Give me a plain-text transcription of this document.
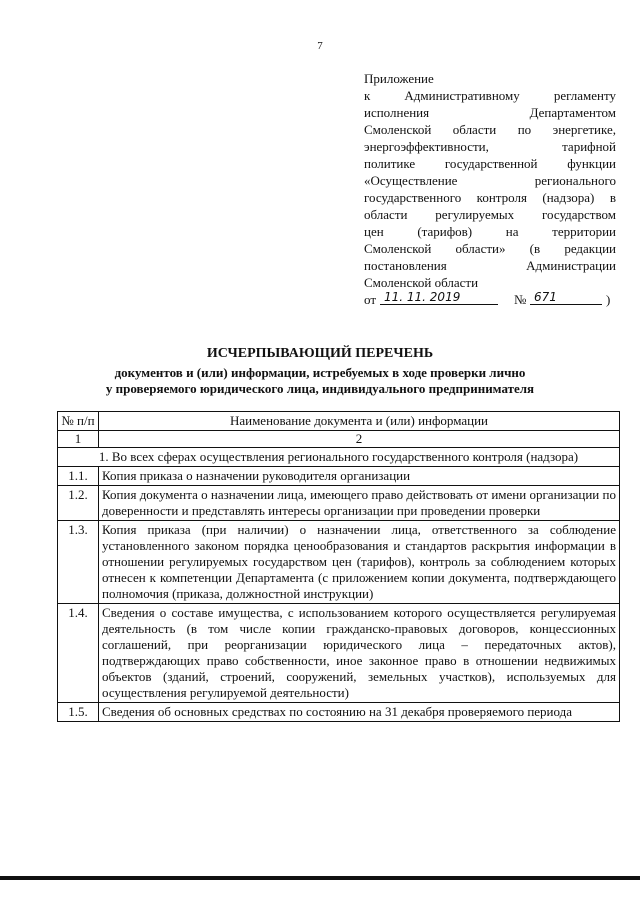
7
Приложение
к Административному регламенту
исполнения Департаментом
Смоленской области по энергетике,
энергоэффективности, тарифной
политике государственной функции
«Осуществление регионального
государственного контроля (надзора) в
области регулируемых государством
цен (тарифов) на территории
Смоленской области» (в редакции
постановления Администрации
Смоленской области
от 11. 11. 2019	№ 671	)
ИСЧЕРПЫВАЮЩИЙ ПЕРЕЧЕНЬ
документов и (или) информации, истребуемых в ходе проверки лично
у проверяемого юридического лица, индивидуального предпринимателя
№ п/п	Наименование документа и (или) информации
1	2
1. Во всех сферах осуществления регионального государственного контроля (надзора)	
1.1.	Копия приказа о назначении руководителя организации
1.2.	Копия документа о назначении лица, имеющего право действовать от имени организации по доверенности и представлять интересы организации при проведении проверки
1.3.	Копия приказа (при наличии) о назначении лица, ответственного за соблюдение установленного законом порядка ценообразования и стандартов раскрытия информации в отношении регулируемых государством цен (тарифов), контроль за соблюдением которых отнесен к компетенции Департамента (с приложением копии документа, подтверждающего полномочия (приказа, должностной инструкции)
1.4.	Сведения о составе имущества, с использованием которого осуществляется регулируемая деятельность (в том числе копии гражданско-правовых договоров, концессионных соглашений, при реорганизации юридического лица – передаточных актов), подтверждающих право собственности, иное законное право в отношении недвижимых объектов (зданий, строений, сооружений, земельных участков), используемых для осуществления регулируемой деятельности)
1.5.	Сведения об основных средствах по состоянию на 31 декабря проверяемого периода
